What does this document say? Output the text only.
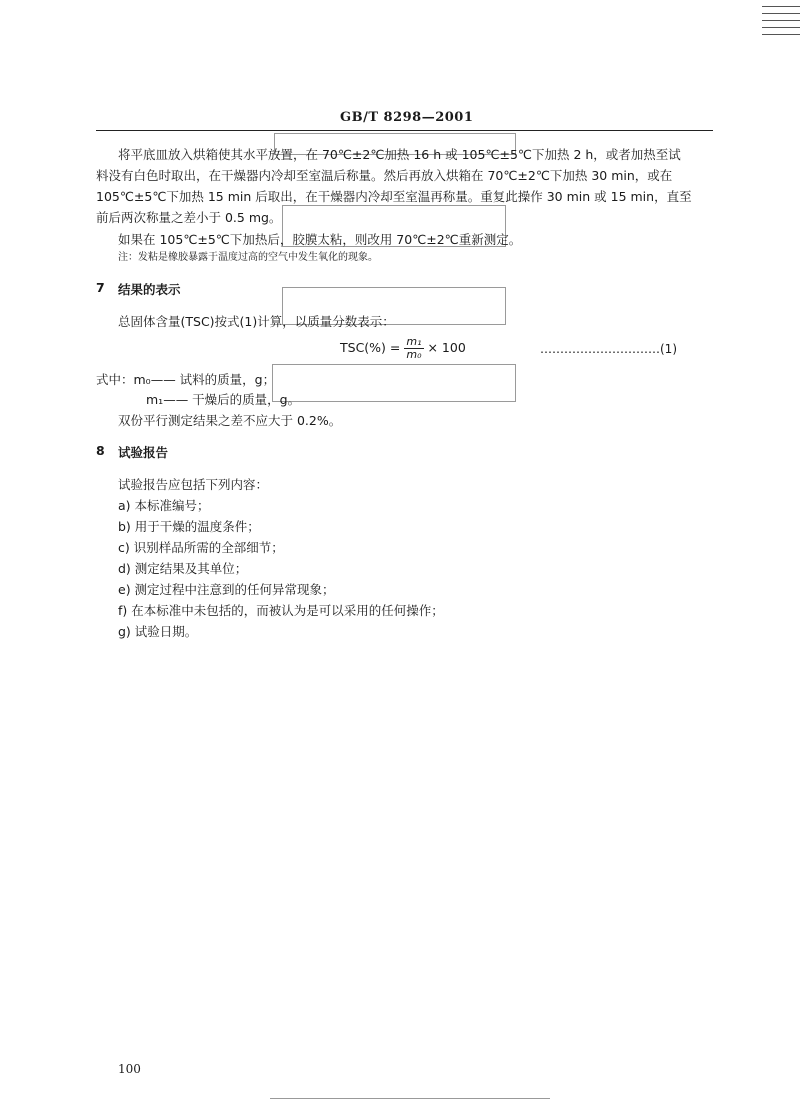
GB/T 8298—2001
将平底皿放入烘箱使其水平放置，在 70℃±2℃加热 16 h 或 105℃±5℃下加热 2 h，或者加热至试
料没有白色时取出，在干燥器内冷却至室温后称量。然后再放入烘箱在 70℃±2℃下加热 30 min，或在
105℃±5℃下加热 15 min 后取出，在干燥器内冷却至室温再称量。重复此操作 30 min 或 15 min，直至
前后两次称量之差小于 0.5 mg。
如果在 105℃±5℃下加热后，胶膜太粘，则改用 70℃±2℃重新测定。
注：发粘是橡胶暴露于温度过高的空气中发生氧化的现象。
7 结果的表示
总固体含量(TSC)按式(1)计算，以质量分数表示：
$TSC(\%) = \frac{\text{m₁}}{\text{m₀}} \times 100$	…………………………(1)
式中：m₀—— 试料的质量，g；
m₁—— 干燥后的质量，g。
双份平行测定结果之差不应大于 0.2%。
8 试验报告
试验报告应包括下列内容：
a) 本标准编号；
b) 用于干燥的温度条件；
c) 识别样品所需的全部细节；
d) 测定结果及其单位；
e) 测定过程中注意到的任何异常现象；
f) 在本标准中未包括的，而被认为是可以采用的任何操作；
g) 试验日期。
100
